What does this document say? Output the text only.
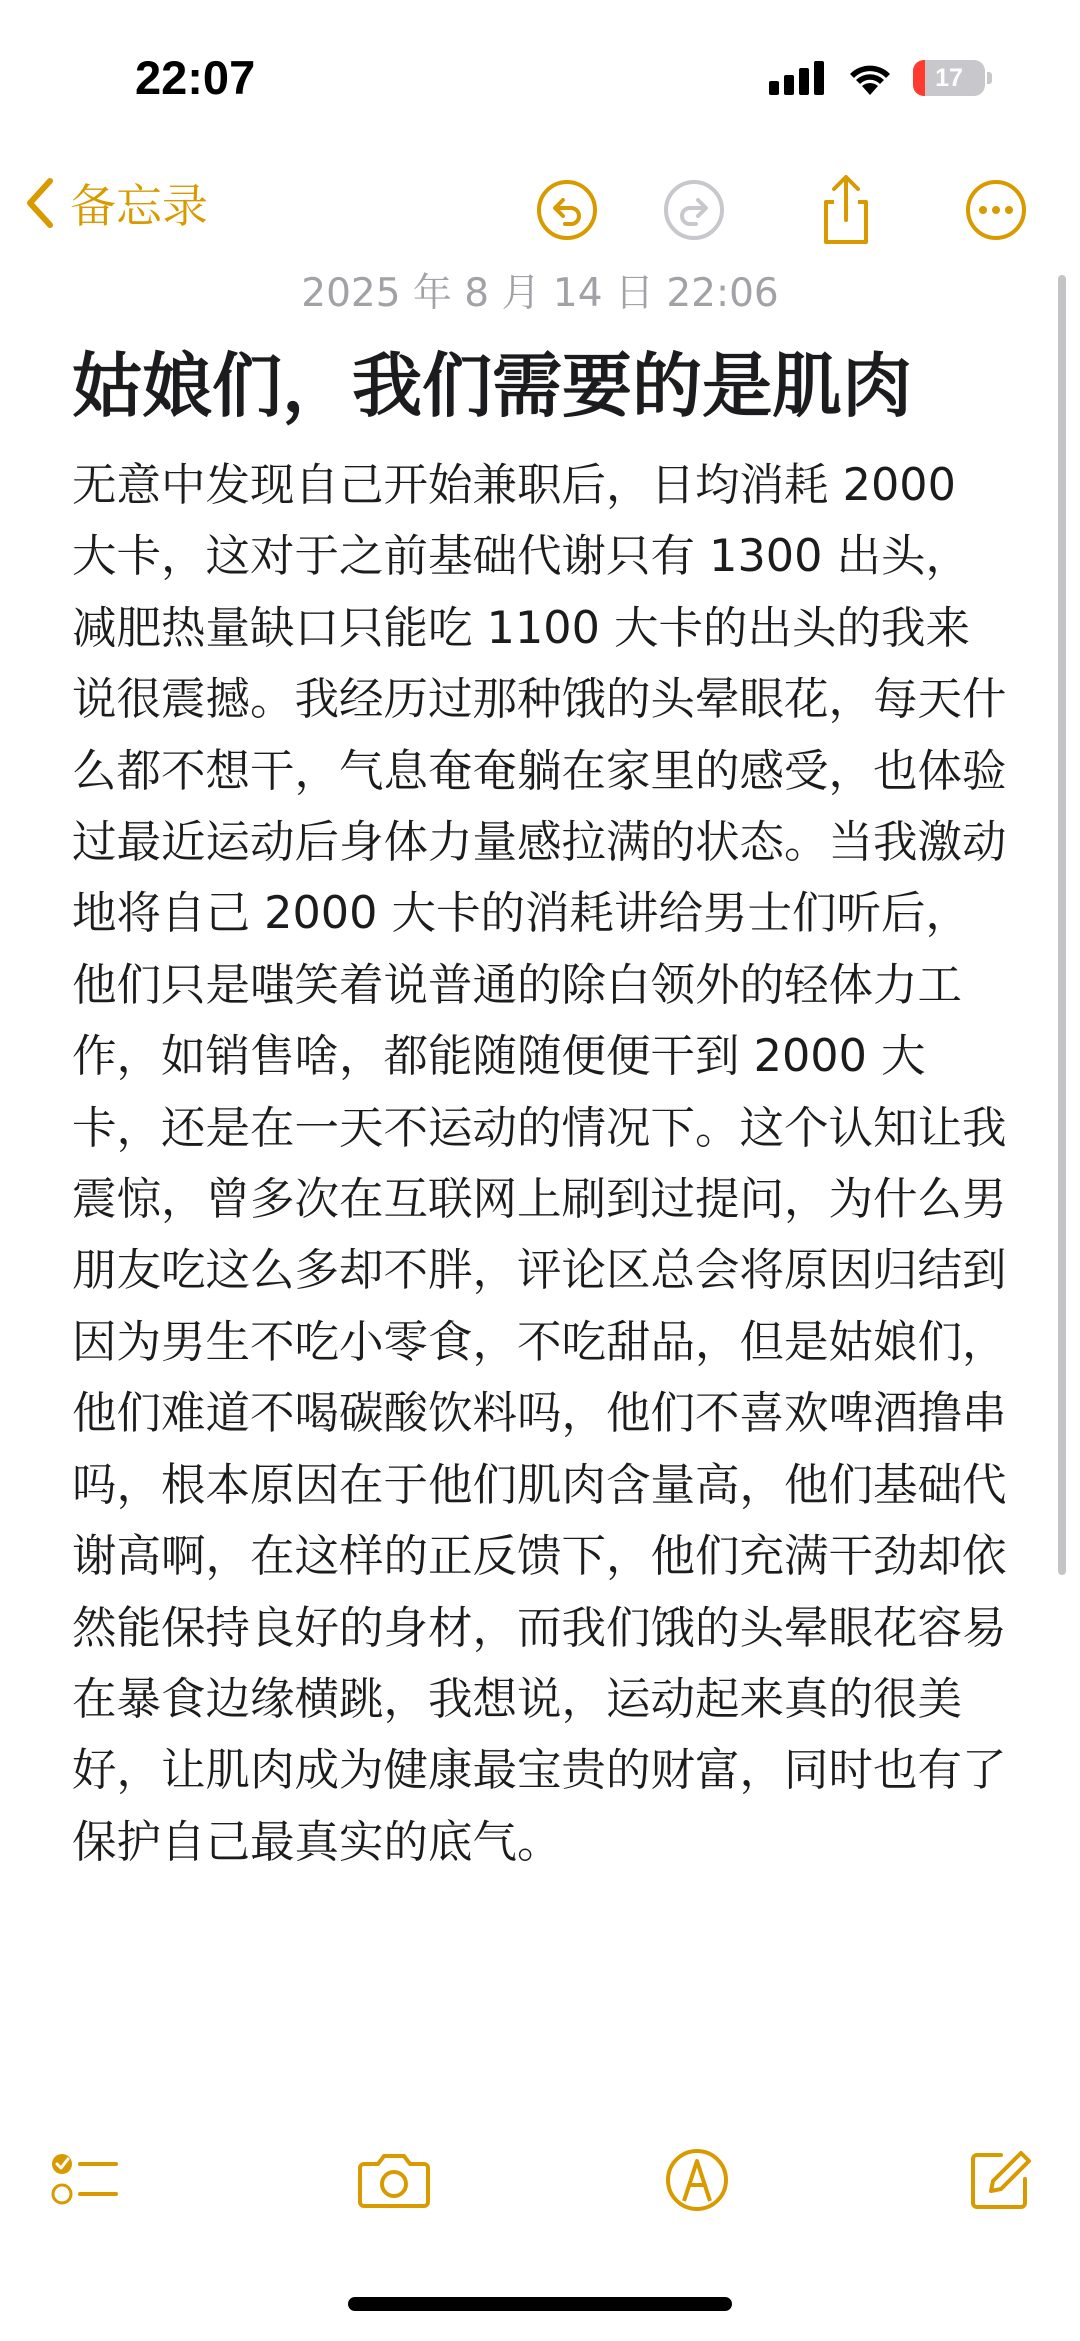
22:07	17
备忘录
2025 年 8 月 14 日 22:06
姑娘们，我们需要的是肌肉
无意中发现自己开始兼职后，日均消耗 2000 大卡，这对于之前基础代谢只有 1300 出头，减肥热量缺口只能吃 1100 大卡的出头的我来说很震撼。我经历过那种饿的头晕眼花，每天什么都不想干，气息奄奄躺在家里的感受，也体验过最近运动后身体力量感拉满的状态。当我激动地将自己 2000 大卡的消耗讲给男士们听后，他们只是嗤笑着说普通的除白领外的轻体力工作，如销售啥，都能随随便便干到 2000 大卡，还是在一天不运动的情况下。这个认知让我震惊，曾多次在互联网上刷到过提问，为什么男朋友吃这么多却不胖，评论区总会将原因归结到因为男生不吃小零食，不吃甜品，但是姑娘们，他们难道不喝碳酸饮料吗，他们不喜欢啤酒撸串吗，根本原因在于他们肌肉含量高，他们基础代谢高啊，在这样的正反馈下，他们充满干劲却依然能保持良好的身材，而我们饿的头晕眼花容易在暴食边缘横跳，我想说，运动起来真的很美好，让肌肉成为健康最宝贵的财富，同时也有了保护自己最真实的底气。
